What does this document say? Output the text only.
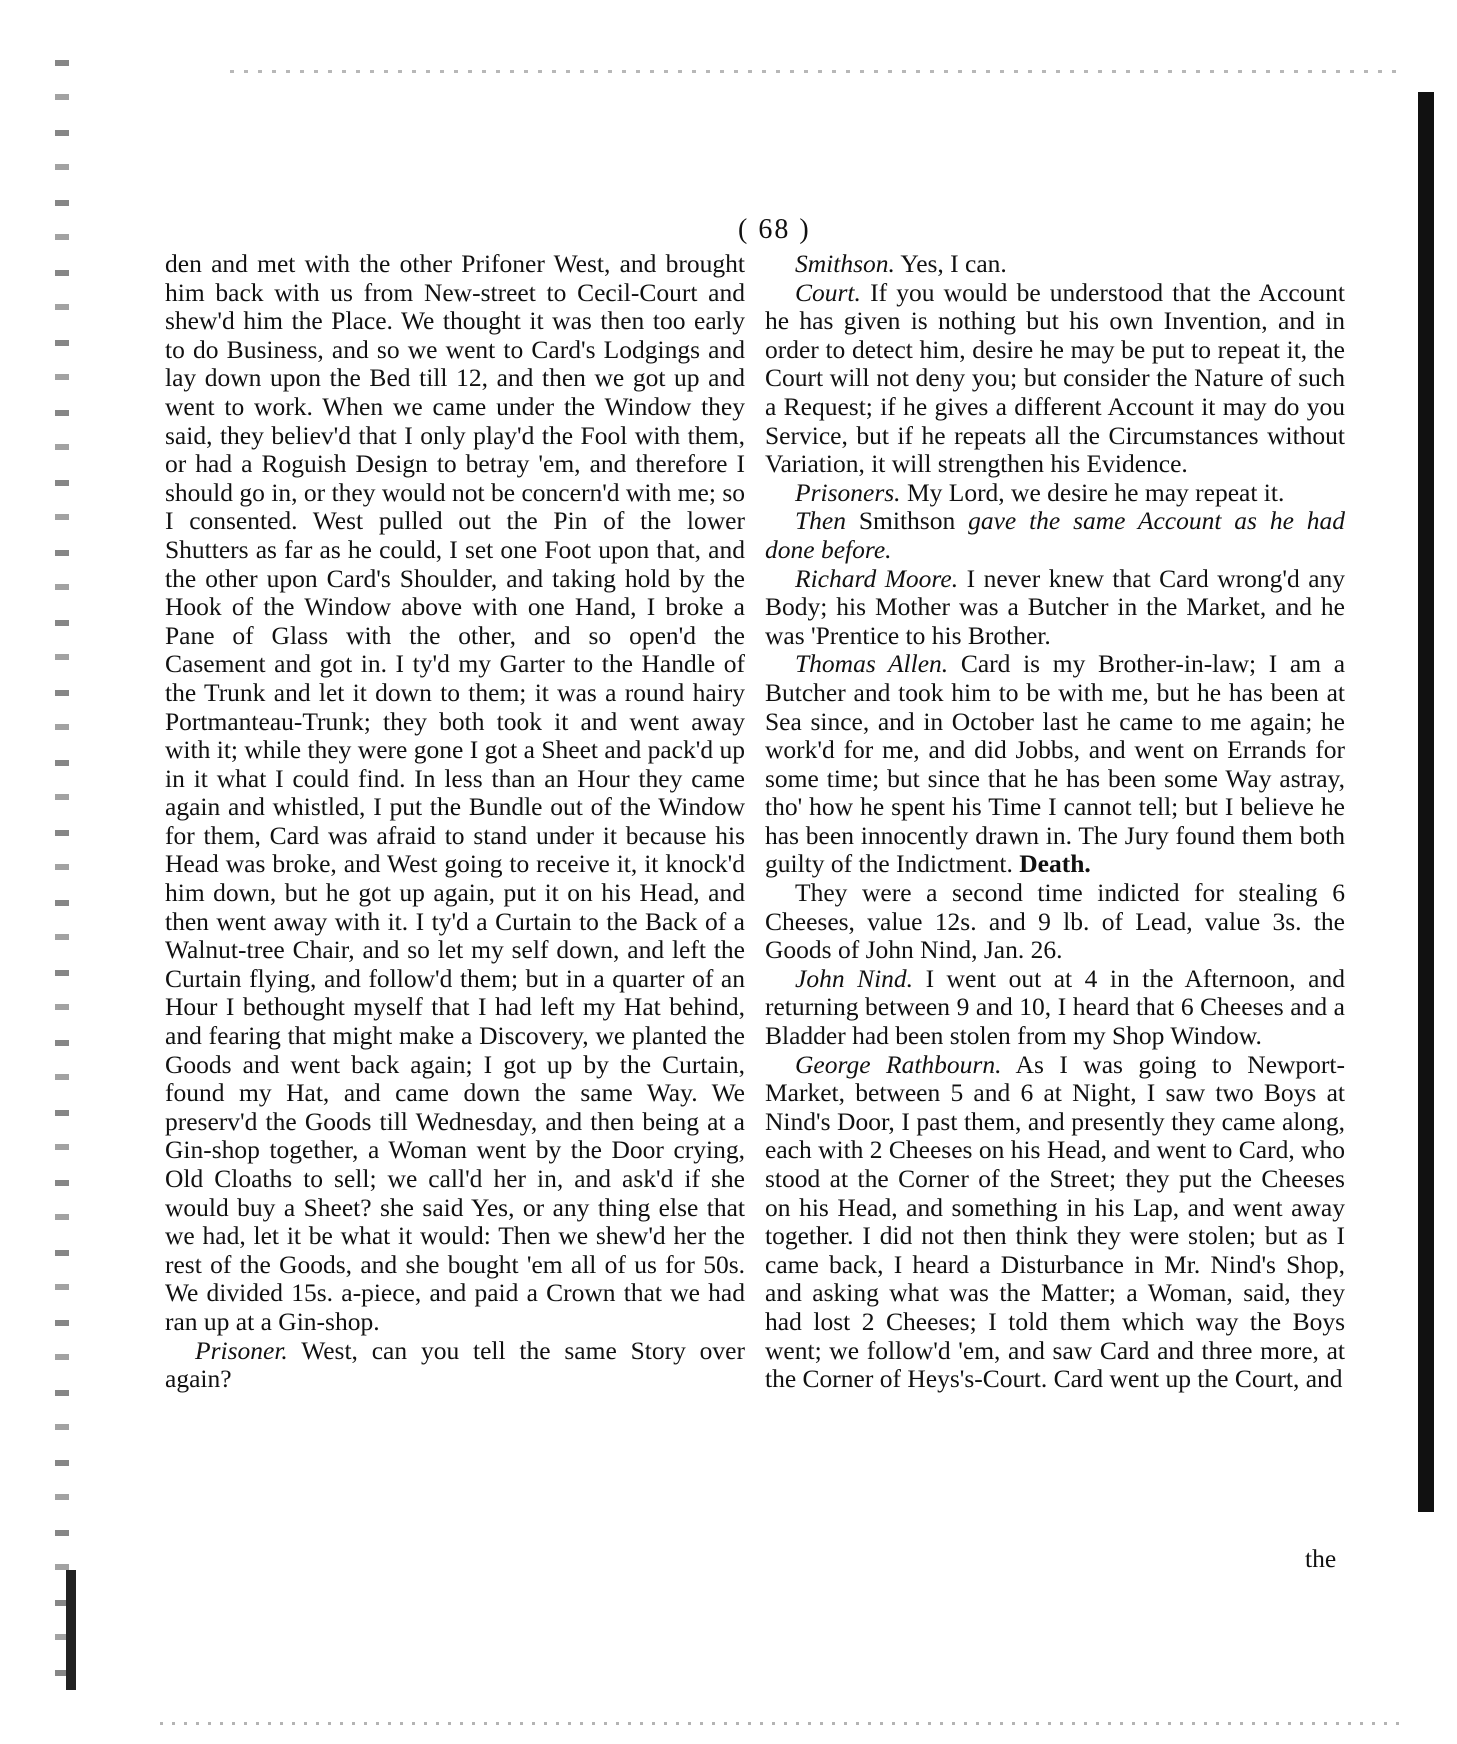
( 68 )

den and met with the other Prifoner West, and brought him back with us from New-street to Cecil-Court and shew'd him the Place. We thought it was then too early to do Business, and so we went to Card's Lodgings and lay down upon the Bed till 12, and then we got up and went to work. When we came under the Window they said, they believ'd that I only play'd the Fool with them, or had a Roguish Design to betray 'em, and therefore I should go in, or they would not be concern'd with me; so I consented. West pulled out the Pin of the lower Shutters as far as he could, I set one Foot upon that, and the other upon Card's Shoulder, and taking hold by the Hook of the Window above with one Hand, I broke a Pane of Glass with the other, and so open'd the Casement and got in. I ty'd my Garter to the Handle of the Trunk and let it down to them; it was a round hairy Portmanteau-Trunk; they both took it and went away with it; while they were gone I got a Sheet and pack'd up in it what I could find. In less than an Hour they came again and whistled, I put the Bundle out of the Window for them, Card was afraid to stand under it because his Head was broke, and West going to receive it, it knock'd him down, but he got up again, put it on his Head, and then went away with it. I ty'd a Curtain to the Back of a Walnut-tree Chair, and so let my self down, and left the Curtain flying, and follow'd them; but in a quarter of an Hour I bethought myself that I had left my Hat behind, and fearing that might make a Discovery, we planted the Goods and went back again; I got up by the Curtain, found my Hat, and came down the same Way. We preserv'd the Goods till Wednesday, and then being at a Gin-shop together, a Woman went by the Door crying, Old Cloaths to sell; we call'd her in, and ask'd if she would buy a Sheet? she said Yes, or any thing else that we had, let it be what it would: Then we shew'd her the rest of the Goods, and she bought 'em all of us for 50s. We divided 15s. a-piece, and paid a Crown that we had ran up at a Gin-shop.

Prisoner. West, can you tell the same Story over again?

Smithson. Yes, I can.

Court. If you would be understood that the Account he has given is nothing but his own Invention, and in order to detect him, desire he may be put to repeat it, the Court will not deny you; but consider the Nature of such a Request; if he gives a different Account it may do you Service, but if he repeats all the Circumstances without Variation, it will strengthen his Evidence.

Prisoners. My Lord, we desire he may repeat it.

Then Smithson gave the same Account as he had done before.

Richard Moore. I never knew that Card wrong'd any Body; his Mother was a Butcher in the Market, and he was 'Prentice to his Brother.

Thomas Allen. Card is my Brother-in-law; I am a Butcher and took him to be with me, but he has been at Sea since, and in October last he came to me again; he work'd for me, and did Jobbs, and went on Errands for some time; but since that he has been some Way astray, tho' how he spent his Time I cannot tell; but I believe he has been innocently drawn in. The Jury found them both guilty of the Indictment. Death.

They were a second time indicted for stealing 6 Cheeses, value 12s. and 9 lb. of Lead, value 3s. the Goods of John Nind, Jan. 26.

John Nind. I went out at 4 in the Afternoon, and returning between 9 and 10, I heard that 6 Cheeses and a Bladder had been stolen from my Shop Window.

George Rathbourn. As I was going to Newport-Market, between 5 and 6 at Night, I saw two Boys at Nind's Door, I past them, and presently they came along, each with 2 Cheeses on his Head, and went to Card, who stood at the Corner of the Street; they put the Cheeses on his Head, and something in his Lap, and went away together. I did not then think they were stolen; but as I came back, I heard a Disturbance in Mr. Nind's Shop, and asking what was the Matter; a Woman, said, they had lost 2 Cheeses; I told them which way the Boys went; we follow'd 'em, and saw Card and three more, at the Corner of Heys's-Court. Card went up the Court, and

the
